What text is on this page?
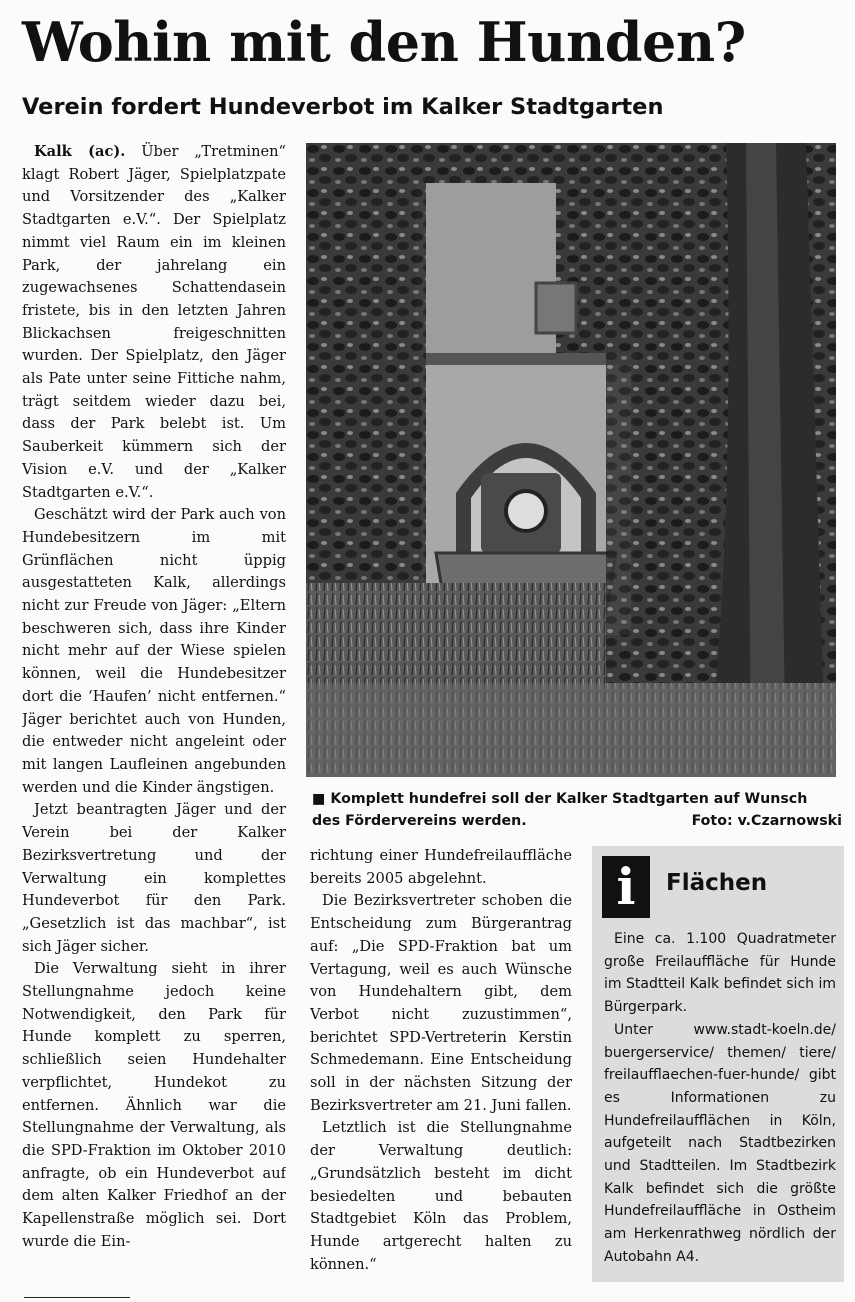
Wohin mit den Hunden?
Verein fordert Hundeverbot im Kalker Stadtgarten

Kalk (ac). Über „Tretminen“ klagt Robert Jäger, Spielplatzpate und Vorsitzender des „Kalker Stadtgarten e.V.“. Der Spielplatz nimmt viel Raum ein im kleinen Park, der jahrelang ein zugewachsenes Schattendasein fristete, bis in den letzten Jahren Blickachsen freigeschnitten wurden. Der Spielplatz, den Jäger als Pate unter seine Fittiche nahm, trägt seitdem wieder dazu bei, dass der Park belebt ist. Um Sauberkeit kümmern sich der Vision e.V. und der „Kalker Stadtgarten e.V.“.

Geschätzt wird der Park auch von Hundebesitzern im mit Grünflächen nicht üppig ausgestatteten Kalk, allerdings nicht zur Freude von Jäger: „Eltern beschweren sich, dass ihre Kinder nicht mehr auf der Wiese spielen können, weil die Hundebesitzer dort die ‘Haufen’ nicht entfernen.“ Jäger berichtet auch von Hunden, die entweder nicht angeleint oder mit langen Laufleinen angebunden werden und die Kinder ängstigen.

Jetzt beantragten Jäger und der Verein bei der Kalker Bezirksvertretung und der Verwaltung ein komplettes Hundeverbot für den Park. „Gesetzlich ist das machbar“, ist sich Jäger sicher.

Die Verwaltung sieht in ihrer Stellungnahme jedoch keine Notwendigkeit, den Park für Hunde komplett zu sperren, schließlich seien Hundehalter verpflichtet, Hundekot zu entfernen. Ähnlich war die Stellungnahme der Verwaltung, als die SPD-Fraktion im Oktober 2010 anfragte, ob ein Hundeverbot auf dem alten Kalker Friedhof an der Kapellenstraße möglich sei. Dort wurde die Ein-

■ Komplett hundefrei soll der Kalker Stadtgarten auf Wunsch
des Fördervereins werden.	Foto: v.Czarnowski

richtung einer Hundefreilauffläche bereits 2005 abgelehnt.

Die Bezirksvertreter schoben die Entscheidung zum Bürgerantrag auf: „Die SPD-Fraktion bat um Vertagung, weil es auch Wünsche von Hundehaltern gibt, dem Verbot nicht zuzustimmen“, berichtet SPD-Vertreterin Kerstin Schmedemann. Eine Entscheidung soll in der nächsten Sitzung der Bezirksvertreter am 21. Juni fallen.

Letztlich ist die Stellungnahme der Verwaltung deutlich: „Grundsätzlich besteht im dicht besiedelten und bebauten Stadtgebiet Köln das Problem, Hunde artgerecht halten zu können.“

i	Flächen

Eine ca. 1.100 Quadratmeter große Freilauffläche für Hunde im Stadtteil Kalk befindet sich im Bürgerpark.

Unter www.stadt-koeln.de/ buergerservice/ themen/ tiere/ freilaufflaechen-fuer-hunde/ gibt es Informationen zu Hundefreilaufflächen in Köln, aufgeteilt nach Stadtbezirken und Stadtteilen. Im Stadtbezirk Kalk befindet sich die größte Hundefreilauffläche in Ostheim am Herkenrathweg nördlich der Autobahn A4.
